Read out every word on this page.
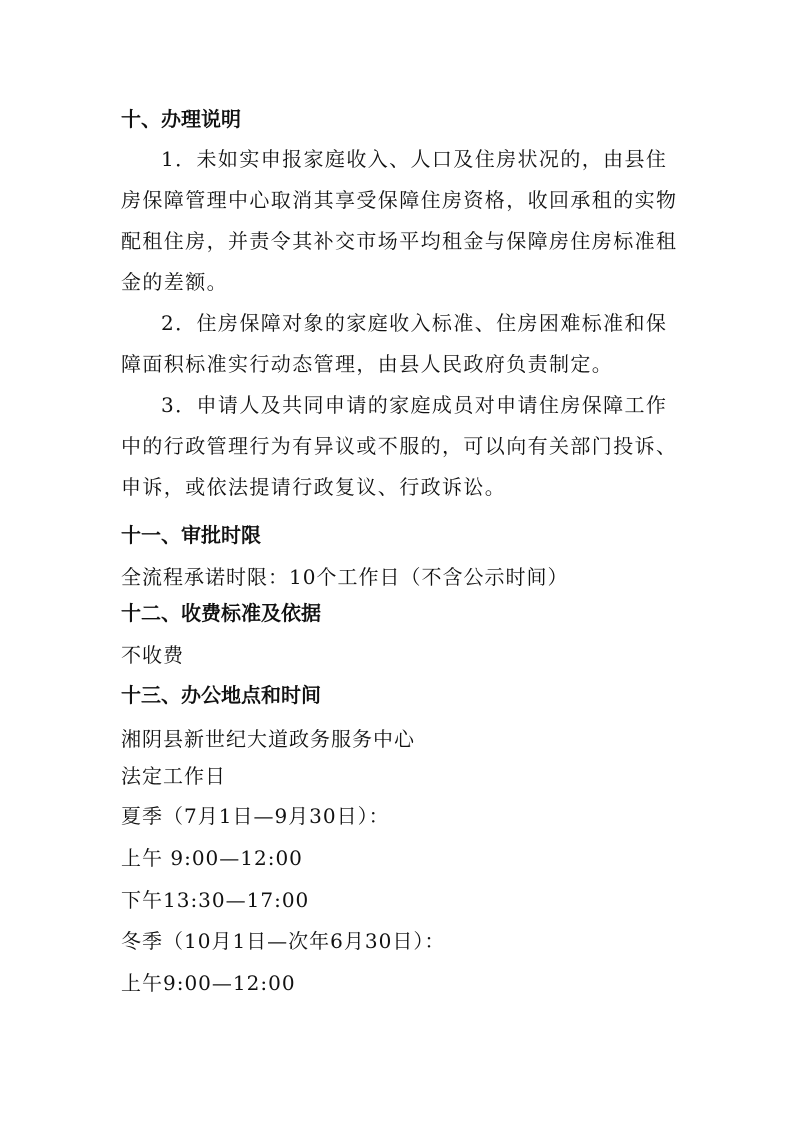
十、办理说明
1．未如实申报家庭收入、人口及住房状况的，由县住房保障管理中心取消其享受保障住房资格，收回承租的实物配租住房，并责令其补交市场平均租金与保障房住房标准租金的差额。
2．住房保障对象的家庭收入标准、住房困难标准和保障面积标准实行动态管理，由县人民政府负责制定。
3．申请人及共同申请的家庭成员对申请住房保障工作中的行政管理行为有异议或不服的，可以向有关部门投诉、申诉，或依法提请行政复议、行政诉讼。
十一、审批时限
全流程承诺时限：10个工作日（不含公示时间）
十二、收费标准及依据
不收费
十三、办公地点和时间
湘阴县新世纪大道政务服务中心
法定工作日
夏季（7月1日—9月30日）：
上午 9:00—12:00
下午13:30—17:00
冬季（10月1日—次年6月30日）：
上午9:00—12:00
